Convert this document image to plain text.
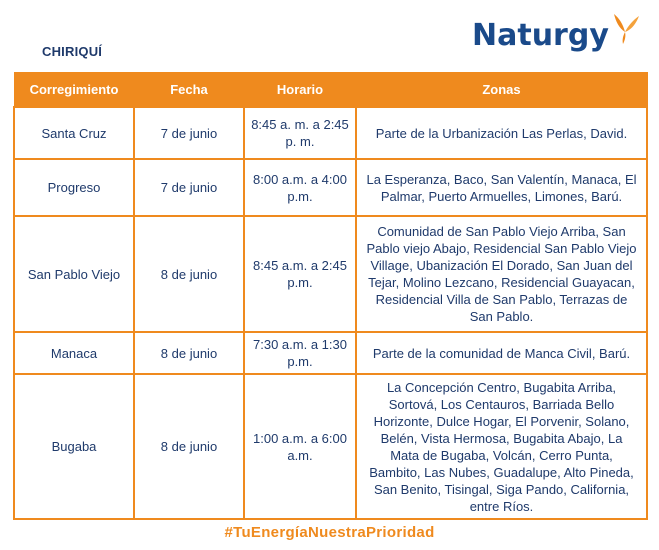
CHIRIQUÍ	Naturgy
Corregimiento	Fecha	Horario	Zonas
Santa Cruz	7 de junio	8:45 a. m. a 2:45 p. m.	Parte de la Urbanización Las Perlas, David.
Progreso	7 de junio	8:00 a.m. a 4:00 p.m.	La Esperanza, Baco, San Valentín, Manaca, El Palmar, Puerto Armuelles, Limones, Barú.
San Pablo Viejo	8 de junio	8:45 a.m. a 2:45 p.m.	Comunidad de San Pablo Viejo Arriba, San Pablo viejo Abajo, Residencial San Pablo Viejo Village, Ubanización El Dorado, San Juan del Tejar, Molino Lezcano, Residencial Guayacan, Residencial Villa de San Pablo, Terrazas de San Pablo.
Manaca	8 de junio	7:30 a.m. a 1:30 p.m.	Parte de la comunidad de Manca Civil, Barú.
Bugaba	8 de junio	1:00 a.m. a 6:00 a.m.	La Concepción Centro, Bugabita Arriba, Sortová, Los Centauros, Barriada Bello Horizonte, Dulce Hogar, El Porvenir, Solano, Belén, Vista Hermosa, Bugabita Abajo, La Mata de Bugaba, Volcán, Cerro Punta, Bambito, Las Nubes, Guadalupe, Alto Pineda, San Benito, Tisingal, Siga Pando, California, entre Ríos.
#TuEnergíaNuestraPrioridad
